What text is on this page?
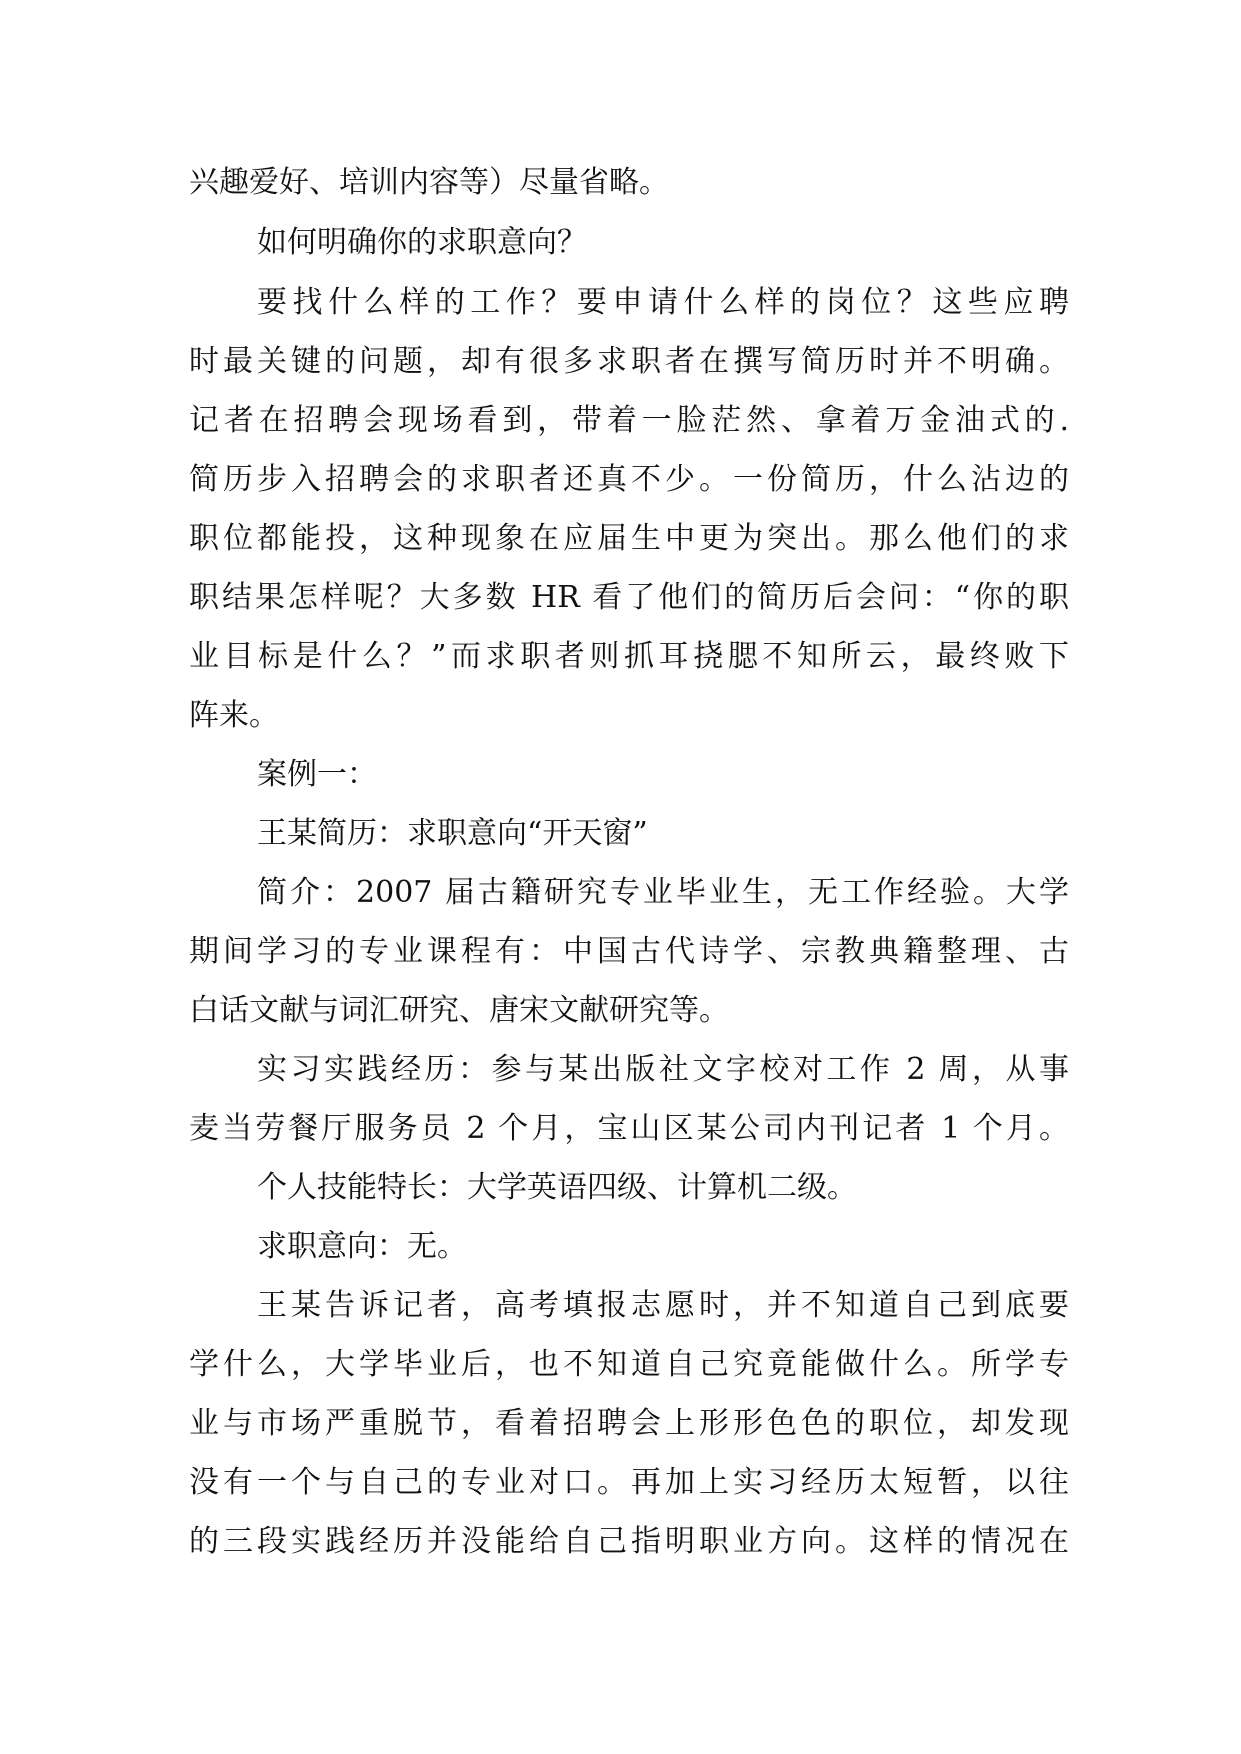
兴趣爱好、培训内容等）尽量省略。
如何明确你的求职意向？
要找什么样的工作？要申请什么样的岗位？这些应聘
时最关键的问题，却有很多求职者在撰写简历时并不明确。
记者在招聘会现场看到，带着一脸茫然、拿着万金油式的.
简历步入招聘会的求职者还真不少。一份简历，什么沾边的
职位都能投，这种现象在应届生中更为突出。那么他们的求
职结果怎样呢？大多数 HR 看了他们的简历后会问：“你的职
业目标是什么？”而求职者则抓耳挠腮不知所云，最终败下
阵来。
案例一：
王某简历：求职意向“开天窗”
简介：2007 届古籍研究专业毕业生，无工作经验。大学
期间学习的专业课程有：中国古代诗学、宗教典籍整理、古
白话文献与词汇研究、唐宋文献研究等。
实习实践经历：参与某出版社文字校对工作 2 周，从事
麦当劳餐厅服务员 2 个月，宝山区某公司内刊记者 1 个月。
个人技能特长：大学英语四级、计算机二级。
求职意向：无。
王某告诉记者，高考填报志愿时，并不知道自己到底要
学什么，大学毕业后，也不知道自己究竟能做什么。所学专
业与市场严重脱节，看着招聘会上形形色色的职位，却发现
没有一个与自己的专业对口。再加上实习经历太短暂，以往
的三段实践经历并没能给自己指明职业方向。这样的情况在
